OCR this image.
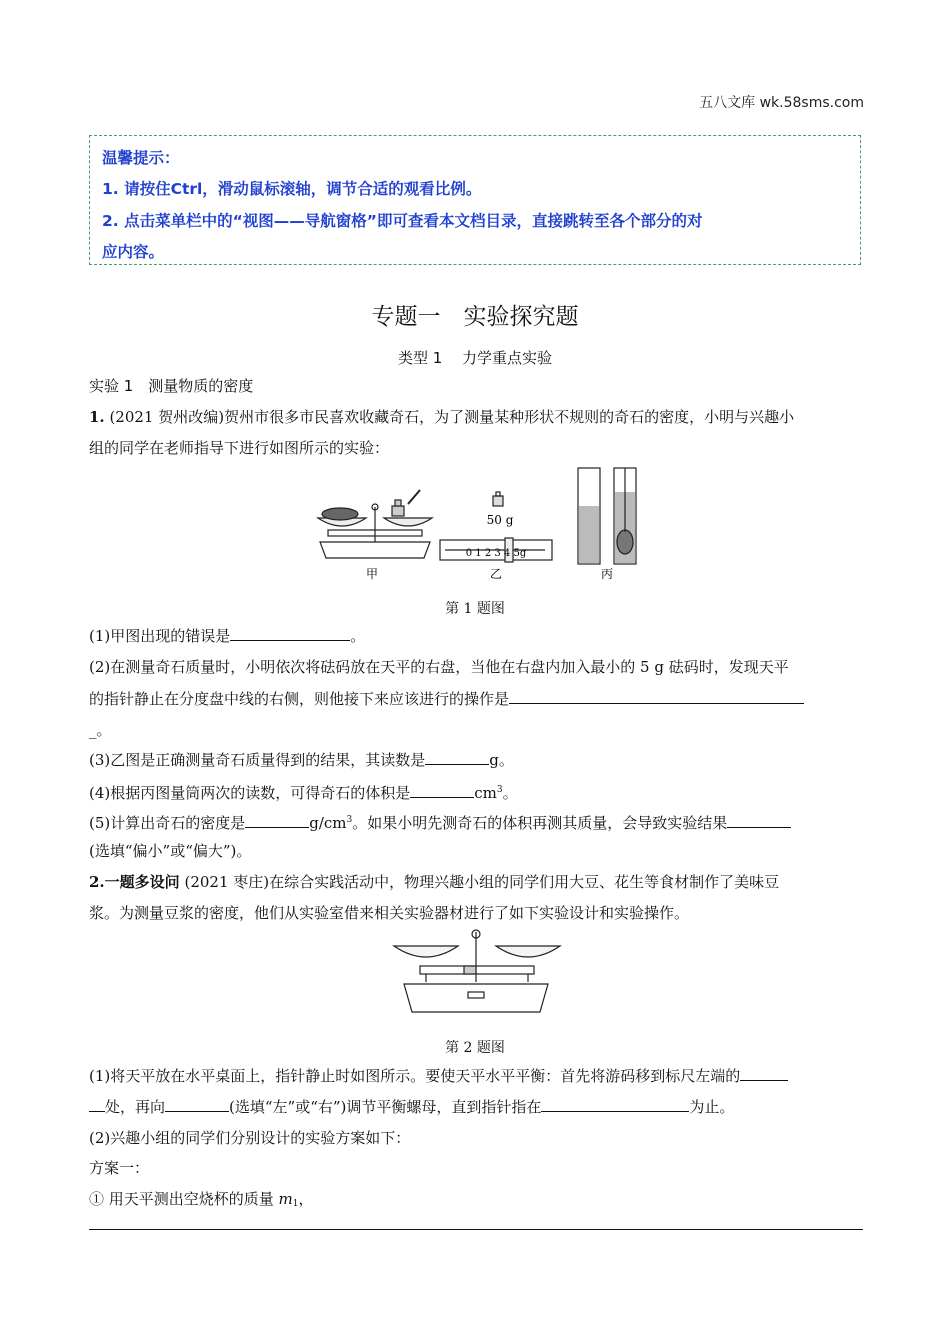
五八文库 wk.58sms.com
温馨提示：
1. 请按住Ctrl，滑动鼠标滚轴，调节合适的观看比例。
2. 点击菜单栏中的“视图——导航窗格”即可查看本文档目录，直接跳转至各个部分的对
应内容。
专题一　实验探究题
类型 1　 力学重点实验
实验 1　测量物质的密度
1. (2021 贺州改编)贺州市很多市民喜欢收藏奇石，为了测量某种形状不规则的奇石的密度，小明与兴趣小
组的同学在老师指导下进行如图所示的实验：
50 g
0 1 2 3 4 5g
甲	乙	丙
第 1 题图
(1)甲图出现的错误是	。
(2)在测量奇石质量时，小明依次将砝码放在天平的右盘，当他在右盘内加入最小的 5 g 砝码时，发现天平
的指针静止在分度盘中线的右侧，则他接下来应该进行的操作是
_。
(3)乙图是正确测量奇石质量得到的结果，其读数是	g。
(4)根据丙图量筒两次的读数，可得奇石的体积是	$cm^3$。
(5)计算出奇石的密度是	$g/cm^3$。如果小明先测奇石的体积再测其质量，会导致实验结果
(选填“偏小”或“偏大”)。
2.一题多设问 (2021 枣庄)在综合实践活动中，物理兴趣小组的同学们用大豆、花生等食材制作了美味豆
浆。为测量豆浆的密度，他们从实验室借来相关实验器材进行了如下实验设计和实验操作。
第 2 题图
(1)将天平放在水平桌面上，指针静止时如图所示。要使天平水平平衡：首先将游码移到标尺左端的
处，再向	(选填“左”或“右”)调节平衡螺母，直到指针指在	为止。
(2)兴趣小组的同学们分别设计的实验方案如下：
方案一：
① 用天平测出空烧杯的质量 $m_1$，
